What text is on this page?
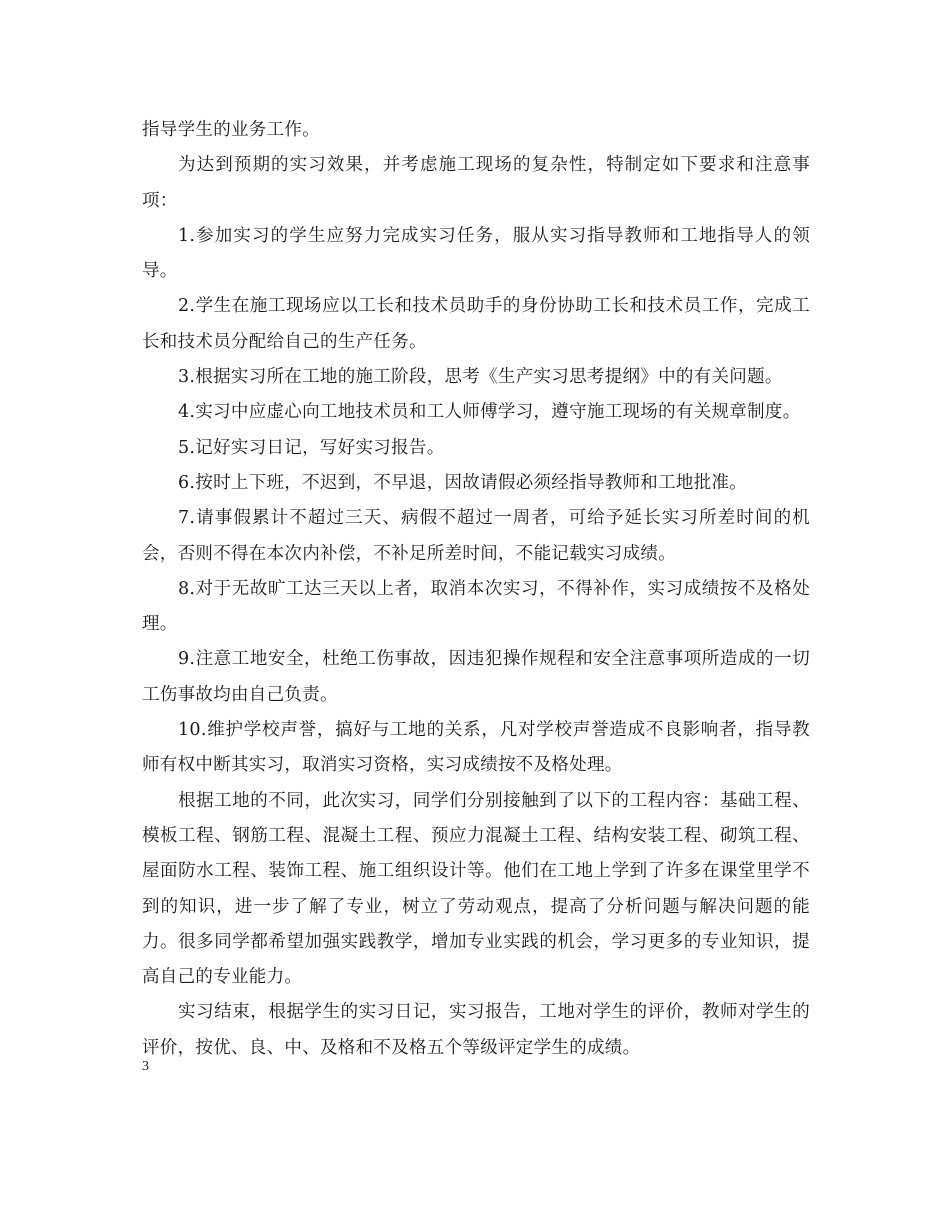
指导学生的业务工作。

为达到预期的实习效果，并考虑施工现场的复杂性，特制定如下要求和注意事项：

1.参加实习的学生应努力完成实习任务，服从实习指导教师和工地指导人的领导。

2.学生在施工现场应以工长和技术员助手的身份协助工长和技术员工作，完成工长和技术员分配给自己的生产任务。

3.根据实习所在工地的施工阶段，思考《生产实习思考提纲》中的有关问题。

4.实习中应虚心向工地技术员和工人师傅学习，遵守施工现场的有关规章制度。

5.记好实习日记，写好实习报告。

6.按时上下班，不迟到，不早退，因故请假必须经指导教师和工地批准。

7.请事假累计不超过三天、病假不超过一周者，可给予延长实习所差时间的机会，否则不得在本次内补偿，不补足所差时间，不能记载实习成绩。

8.对于无故旷工达三天以上者，取消本次实习，不得补作，实习成绩按不及格处理。

9.注意工地安全，杜绝工伤事故，因违犯操作规程和安全注意事项所造成的一切工伤事故均由自己负责。

10.维护学校声誉，搞好与工地的关系，凡对学校声誉造成不良影响者，指导教师有权中断其实习，取消实习资格，实习成绩按不及格处理。

根据工地的不同，此次实习，同学们分别接触到了以下的工程内容：基础工程、模板工程、钢筋工程、混凝土工程、预应力混凝土工程、结构安装工程、砌筑工程、屋面防水工程、装饰工程、施工组织设计等。他们在工地上学到了许多在课堂里学不到的知识，进一步了解了专业，树立了劳动观点，提高了分析问题与解决问题的能力。很多同学都希望加强实践教学，增加专业实践的机会，学习更多的专业知识，提高自己的专业能力。

实习结束，根据学生的实习日记，实习报告，工地对学生的评价，教师对学生的评价，按优、良、中、及格和不及格五个等级评定学生的成绩。

3
